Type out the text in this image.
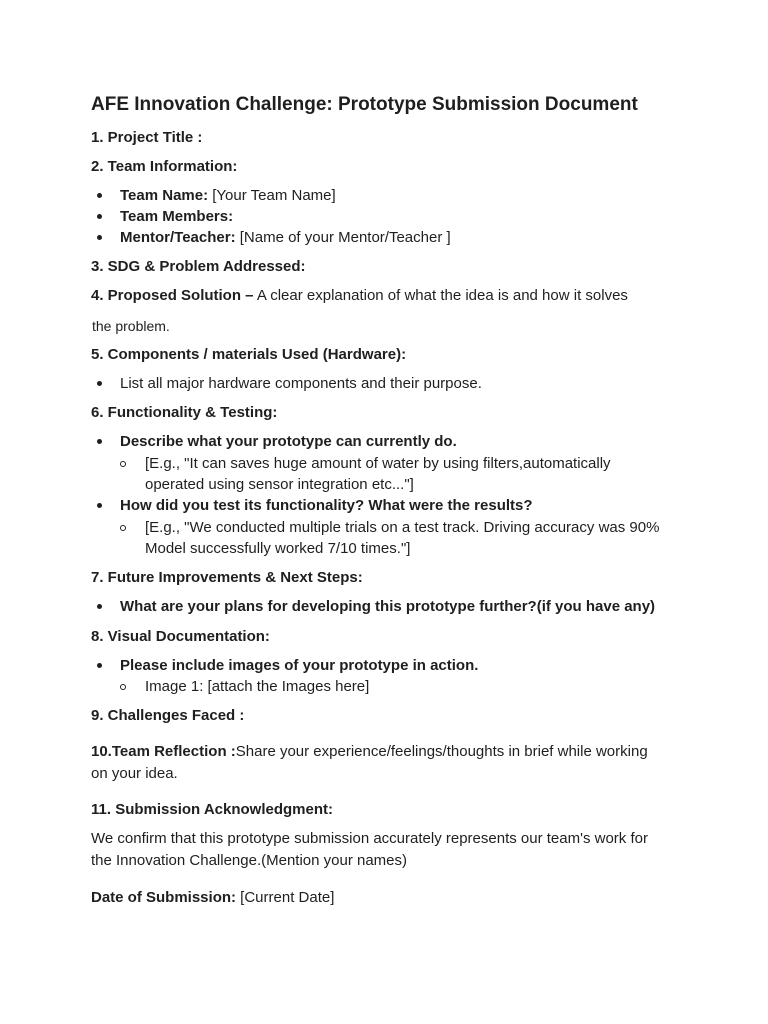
AFE Innovation Challenge: Prototype Submission Document
1. Project Title :
2. Team Information:
Team Name: [Your Team Name]
Team Members:
Mentor/Teacher: [Name of your Mentor/Teacher ]
3. SDG & Problem Addressed:
4. Proposed Solution – A clear explanation of what the idea is and how it solves
the problem.
5. Components / materials Used (Hardware):
List all major hardware components and their purpose.
6. Functionality & Testing:
Describe what your prototype can currently do.
[E.g., "It can saves huge amount of water by using filters,automatically
operated using sensor integration etc..."]
How did you test its functionality? What were the results?
[E.g., "We conducted multiple trials on a test track. Driving accuracy was 90%
Model successfully worked 7/10 times."]
7. Future Improvements & Next Steps:
What are your plans for developing this prototype further?(if you have any)
8. Visual Documentation:
Please include images of your prototype in action.
Image 1: [attach the Images here]
9. Challenges Faced :
10.Team Reflection :Share your experience/feelings/thoughts in brief while working
on your idea.
11. Submission Acknowledgment:
We confirm that this prototype submission accurately represents our team's work for
the Innovation Challenge.(Mention your names)
Date of Submission: [Current Date]
